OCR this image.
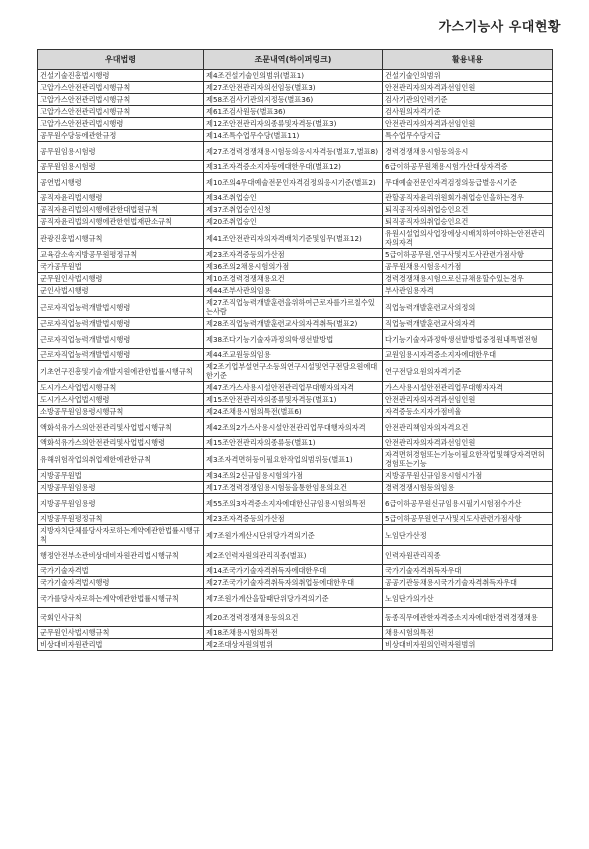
가스기능사 우대현황
우대법령	조문내역(하이퍼링크)	활용내용
건설기술진흥법시행령	제4조건설기술인의범위(별표1)	건설기술인의범위
고압가스안전관리법시행규칙	제27조안전관리자의선임등(별표3)	안전관리자의자격과선임인원
고압가스안전관리법시행규칙	제58조검사기관의지정등(별표36)	검사기관의인력기준
고압가스안전관리법시행규칙	제61조검사원등(별표36)	검사원의자격기준
고압가스안전관리법시행령	제12조안전관리자의종류및자격등(별표3)	안전관리자의자격과선임인원
공무원수당등에관한규정	제14조특수업무수당(별표11)	특수업무수당지급
공무원임용시험령	제27조경력경쟁채용시험등의응시자격등(별표7,별표8)	경력경쟁채용시험등의응시
공무원임용시험령	제31조자격증소지자등에대한우대(별표12)	6급이하공무원채용시험가산대상자격증
공연법시행령	제10조의4무대예술전문인자격검정의응시기준(별표2)	무대예술전문인자격검정의등급별응시기준
공직자윤리법시행령	제34조취업승인	관할공직자윤리위원회가취업승인을하는경우
공직자윤리법의시행에관한대법원규칙	제37조취업승인신청	퇴직공직자의취업승인요건
공직자윤리법의시행에관한헌법재판소규칙	제20조취업승인	퇴직공직자의취업승인요건
관광진흥법시행규칙	제41조안전관리자의자격배치기준및임무(별표12)	유원시설업의사업장에상시배치하여야하는안전관리자의자격
교육감소속지방공무원평정규칙	제23조자격증등의가산점	5급이하공무원,연구사및지도사관련가점사항
국가공무원법	제36조의2채용시험의가점	공무원채용시험응시가점
군무원인사법시행령	제10조경력경쟁채용요건	경력경쟁채용시험으로신규채용할수있는경우
군인사법시행령	제44조부사관의임용	부사관임용자격
근로자직업능력개발법시행령	제27조직업능력개발훈련을위하여근로자를가르칠수있는사람	직업능력개발훈련교사의정의
근로자직업능력개발법시행령	제28조직업능력개발훈련교사의자격취득(별표2)	직업능력개발훈련교사의자격
근로자직업능력개발법시행령	제38조다기능기술자과정의학생선발방법	다기능기술자과정학생선발방법중정원내특별전형
근로자직업능력개발법시행령	제44조교원등의임용	교원임용시자격증소지자에대한우대
기초연구진흥및기술개발지원에관한법률시행규칙	제2조기업부설연구소등의연구시설및연구전담요원에대한기준	연구전담요원의자격기준
도시가스사업법시행규칙	제47조가스사용시설안전관리업무대행자의자격	가스사용시설안전관리업무대행자자격
도시가스사업법시행령	제15조안전관리자의종류및자격등(별표1)	안전관리자의자격과선임인원
소방공무원임용령시행규칙	제24조채용시험의특전(별표6)	자격증등소지자가점비율
액화석유가스의안전관리및사업법시행규칙	제42조의2가스사용시설안전관리업무대행자의자격	안전관리책임자의자격요건
액화석유가스의안전관리및사업법시행령	제15조안전관리자의종류등(별표1)	안전관리자의자격과선임인원
유해위험작업의취업제한에관한규칙	제3조자격면허등이필요한작업의범위등(별표1)	자격면허경험또는기능이필요한작업및해당자격면허경험또는기능
지방공무원법	제34조의2신규임용시험의가점	지방공무원신규임용시험시가점
지방공무원임용령	제17조경력경쟁임용시험등을통한임용의요건	경력경쟁시험등의임용
지방공무원임용령	제55조의3자격증소지자에대한신규임용시험의특전	6급이하공무원신규임용시필기시험점수가산
지방공무원평정규칙	제23조자격증등의가산점	5급이하공무원연구사및지도사관련가점사항
지방자치단체를당사자로하는계약에관한법률시행규칙	제7조원가계산시단위당가격의기준	노임단가산정
행정안전부소관비상대비자원관리법시행규칙	제2조인력자원의관리직종(별표)	인력자원관리직종
국가기술자격법	제14조국가기술자격취득자에대한우대	국가기술자격취득자우대
국가기술자격법시행령	제27조국가기술자격취득자의취업등에대한우대	공공기관등채용시국가기술자격취득자우대
국가를당사자로하는계약에관한법률시행규칙	제7조원가계산을할때단위당가격의기준	노임단가의가산
국회인사규칙	제20조경력경쟁채용등의요건	동종직무에관한자격증소지자에대한경력경쟁채용
군무원인사법시행규칙	제18조채용시험의특전	채용시험의특전
비상대비자원관리법	제2조대상자원의범위	비상대비자원의인력자원범위
